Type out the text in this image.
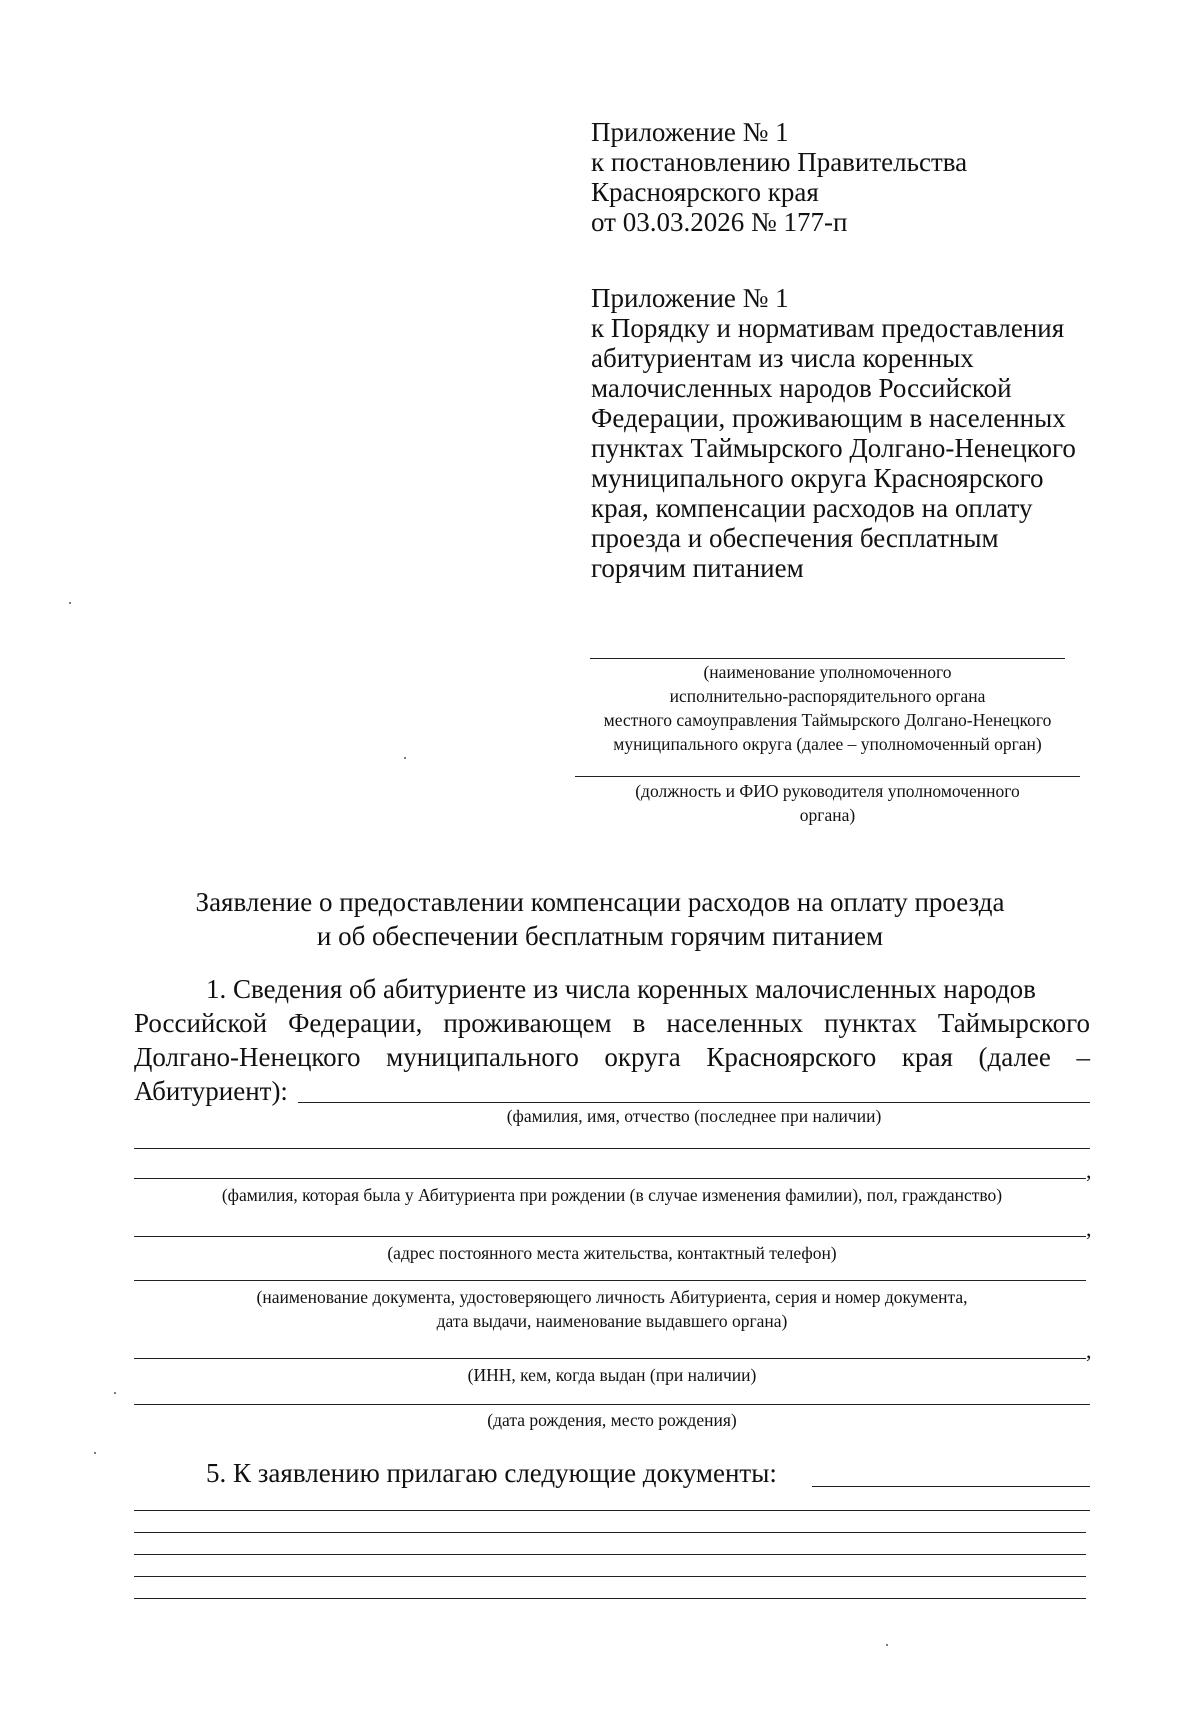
Приложение № 1
к постановлению Правительства
Красноярского края
от 03.03.2026 № 177-п
Приложение № 1
к Порядку и нормативам предоставления
абитуриентам из числа коренных
малочисленных народов Российской
Федерации, проживающим в населенных
пунктах Таймырского Долгано-Ненецкого
муниципального округа Красноярского
края, компенсации расходов на оплату
проезда и обеспечения бесплатным
горячим питанием
(наименование уполномоченного
исполнительно-распорядительного органа
местного самоуправления Таймырского Долгано-Ненецкого
муниципального округа (далее – уполномоченный орган)
(должность и ФИО руководителя уполномоченного
органа)
Заявление о предоставлении компенсации расходов на оплату проезда
и об обеспечении бесплатным горячим питанием
1. Сведения об абитуриенте из числа коренных малочисленных народов
Российской Федерации, проживающем в населенных пунктах Таймырского
Долгано-Ненецкого муниципального округа Красноярского края (далее –
Абитуриент):
(фамилия, имя, отчество (последнее при наличии)
,
(фамилия, которая была у Абитуриента при рождении (в случае изменения фамилии), пол, гражданство)
,
(адрес постоянного места жительства, контактный телефон)
(наименование документа, удостоверяющего личность Абитуриента, серия и номер документа,
дата выдачи, наименование выдавшего органа)
,
(ИНН, кем, когда выдан (при наличии)
(дата рождения, место рождения)
5. К заявлению прилагаю следующие документы:
